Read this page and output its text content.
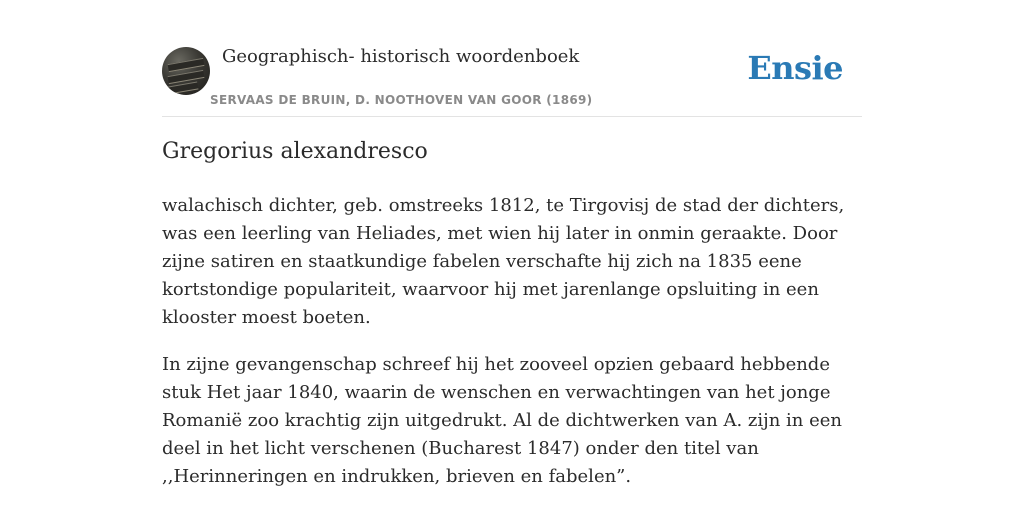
Geographisch- historisch woordenboek
SERVAAS DE BRUIN, D. NOOTHOVEN VAN GOOR (1869)
Ensie
Gregorius alexandresco

walachisch dichter, geb. omstreeks 1812, te Tirgovisj de stad der dichters, was een leerling van Heliades, met wien hij later in onmin geraakte. Door zijne satiren en staatkundige fabelen verschafte hij zich na 1835 eene kortstondige populariteit, waarvoor hij met jarenlange opsluiting in een klooster moest boeten.

In zijne gevangenschap schreef hij het zooveel opzien gebaard hebbende stuk Het jaar 1840, waarin de wenschen en verwachtingen van het jonge Romanië zoo krachtig zijn uitgedrukt. Al de dichtwerken van A. zijn in een deel in het licht verschenen (Bucharest 1847) onder den titel van ,,Herinneringen en indrukken, brieven en fabelen”.
